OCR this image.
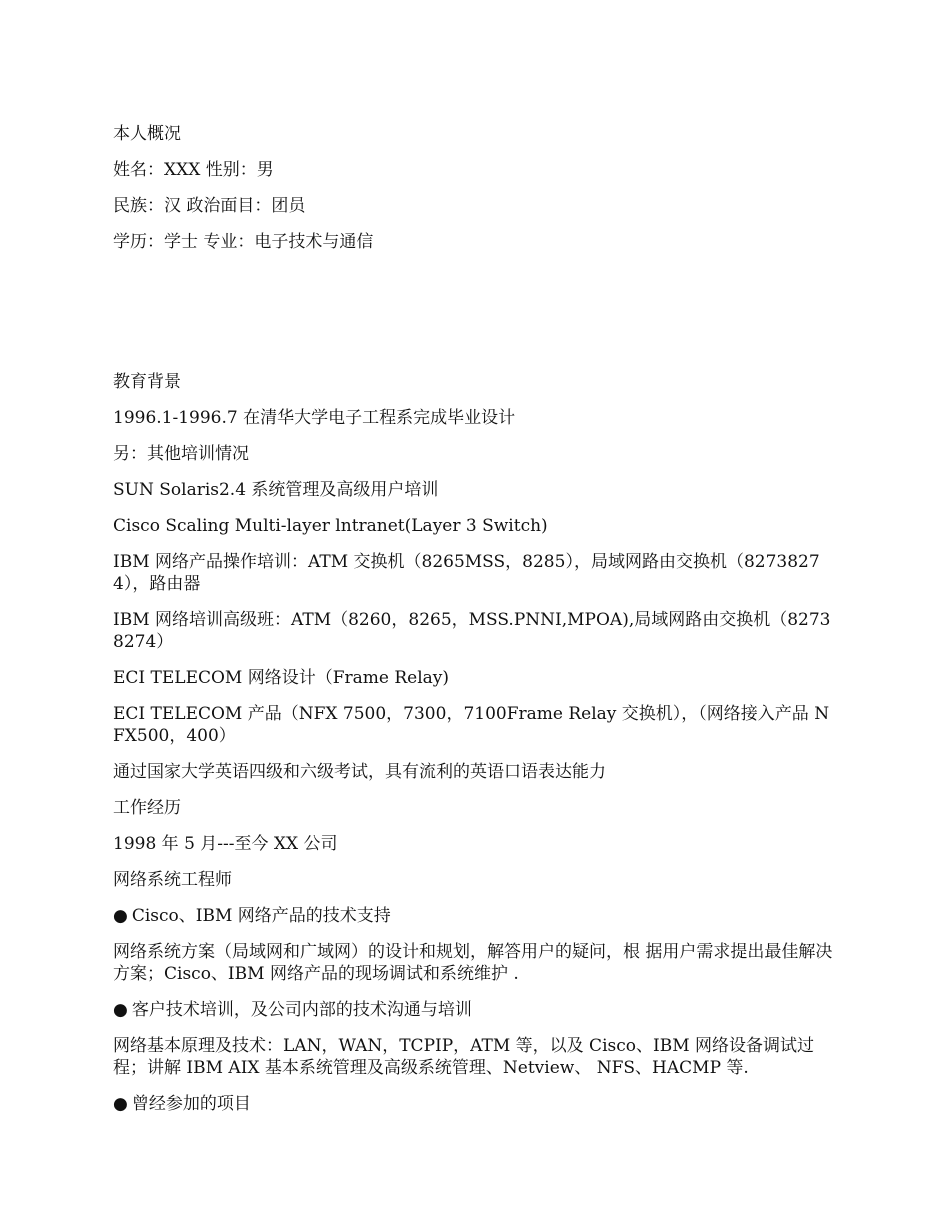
本人概况
姓名：XXX 性别：男
民族：汉 政治面目：团员
学历：学士 专业：电子技术与通信
教育背景
1996.1-1996.7 在清华大学电子工程系完成毕业设计
另：其他培训情况
SUN Solaris2.4 系统管理及高级用户培训
Cisco Scaling Multi-layer lntranet(Layer 3 Switch)
IBM 网络产品操作培训：ATM 交换机（8265MSS，8285），局域网路由交换机（82738274），路由器
IBM 网络培训高级班：ATM（8260，8265，MSS.PNNI,MPOA),局域网路由交换机（82738274）
ECI TELECOM 网络设计（Frame Relay)
ECI TELECOM 产品（NFX 7500，7300，7100Frame Relay 交换机），（网络接入产品 NFX500，400）
通过国家大学英语四级和六级考试，具有流利的英语口语表达能力
工作经历
1998 年 5 月---至今 XX 公司
网络系统工程师
● Cisco、IBM 网络产品的技术支持
网络系统方案（局域网和广域网）的设计和规划，解答用户的疑问，根 据用户需求提出最佳解决方案；Cisco、IBM 网络产品的现场调试和系统维护 .
● 客户技术培训，及公司内部的技术沟通与培训
网络基本原理及技术：LAN，WAN，TCPIP，ATM 等，以及 Cisco、IBM 网络设备调试过程；讲解 IBM AIX 基本系统管理及高级系统管理、Netview、 NFS、HACMP 等.
● 曾经参加的项目
